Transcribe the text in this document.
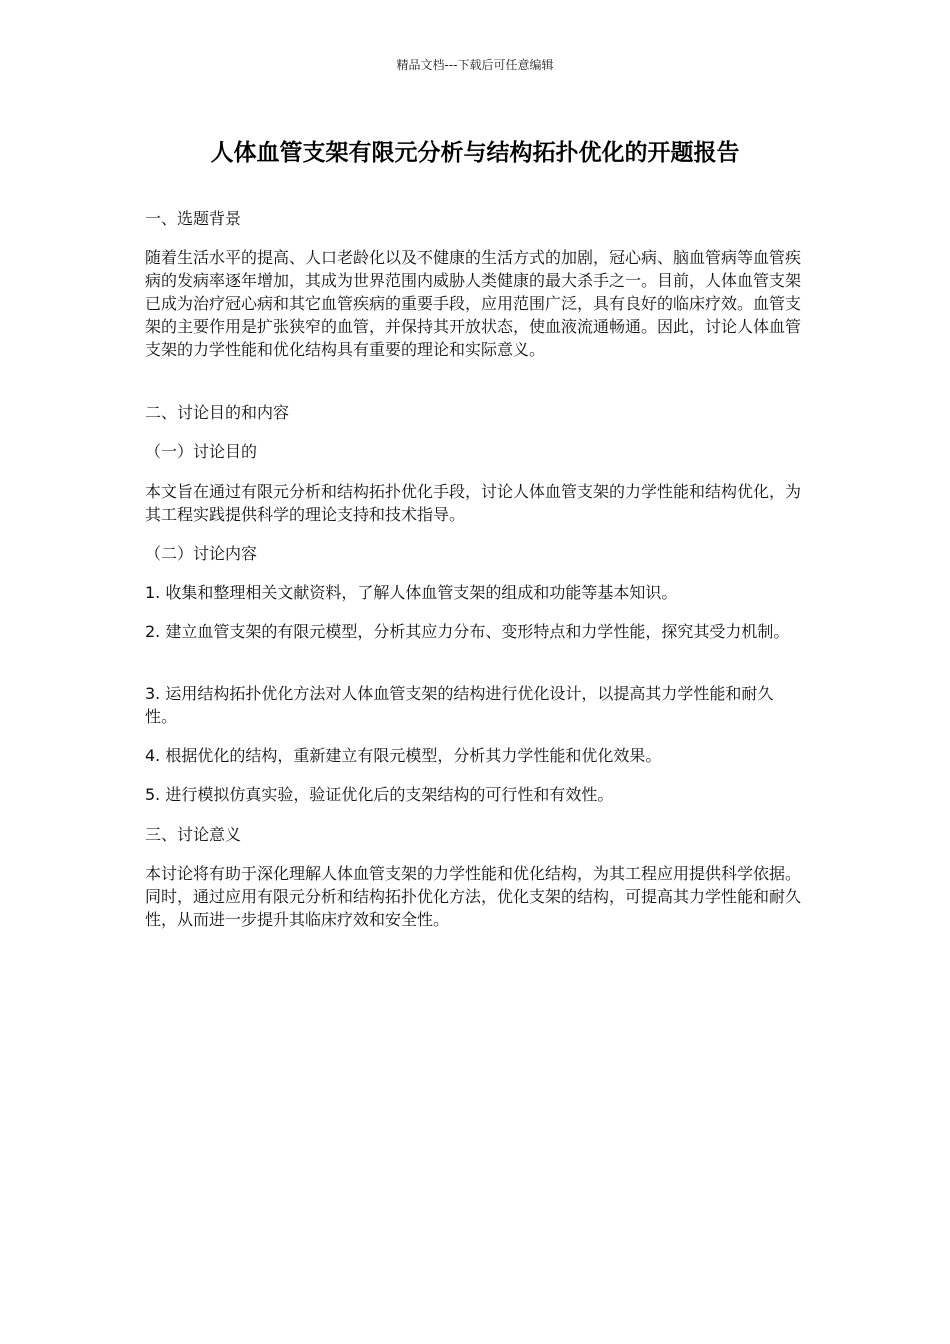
精品文档---下载后可任意编辑
人体血管支架有限元分析与结构拓扑优化的开题报告

一、选题背景

随着生活水平的提高、人口老龄化以及不健康的生活方式的加剧，冠心病、脑血管病等血管疾病的发病率逐年增加，其成为世界范围内威胁人类健康的最大杀手之一。目前，人体血管支架已成为治疗冠心病和其它血管疾病的重要手段，应用范围广泛，具有良好的临床疗效。血管支架的主要作用是扩张狭窄的血管，并保持其开放状态，使血液流通畅通。因此，讨论人体血管支架的力学性能和优化结构具有重要的理论和实际意义。

二、讨论目的和内容

（一）讨论目的

本文旨在通过有限元分析和结构拓扑优化手段，讨论人体血管支架的力学性能和结构优化，为其工程实践提供科学的理论支持和技术指导。

（二）讨论内容

1. 收集和整理相关文献资料，了解人体血管支架的组成和功能等基本知识。

2. 建立血管支架的有限元模型，分析其应力分布、变形特点和力学性能，探究其受力机制。

3. 运用结构拓扑优化方法对人体血管支架的结构进行优化设计，以提高其力学性能和耐久性。

4. 根据优化的结构，重新建立有限元模型，分析其力学性能和优化效果。

5. 进行模拟仿真实验，验证优化后的支架结构的可行性和有效性。

三、讨论意义

本讨论将有助于深化理解人体血管支架的力学性能和优化结构，为其工程应用提供科学依据。同时，通过应用有限元分析和结构拓扑优化方法，优化支架的结构，可提高其力学性能和耐久性，从而进一步提升其临床疗效和安全性。
